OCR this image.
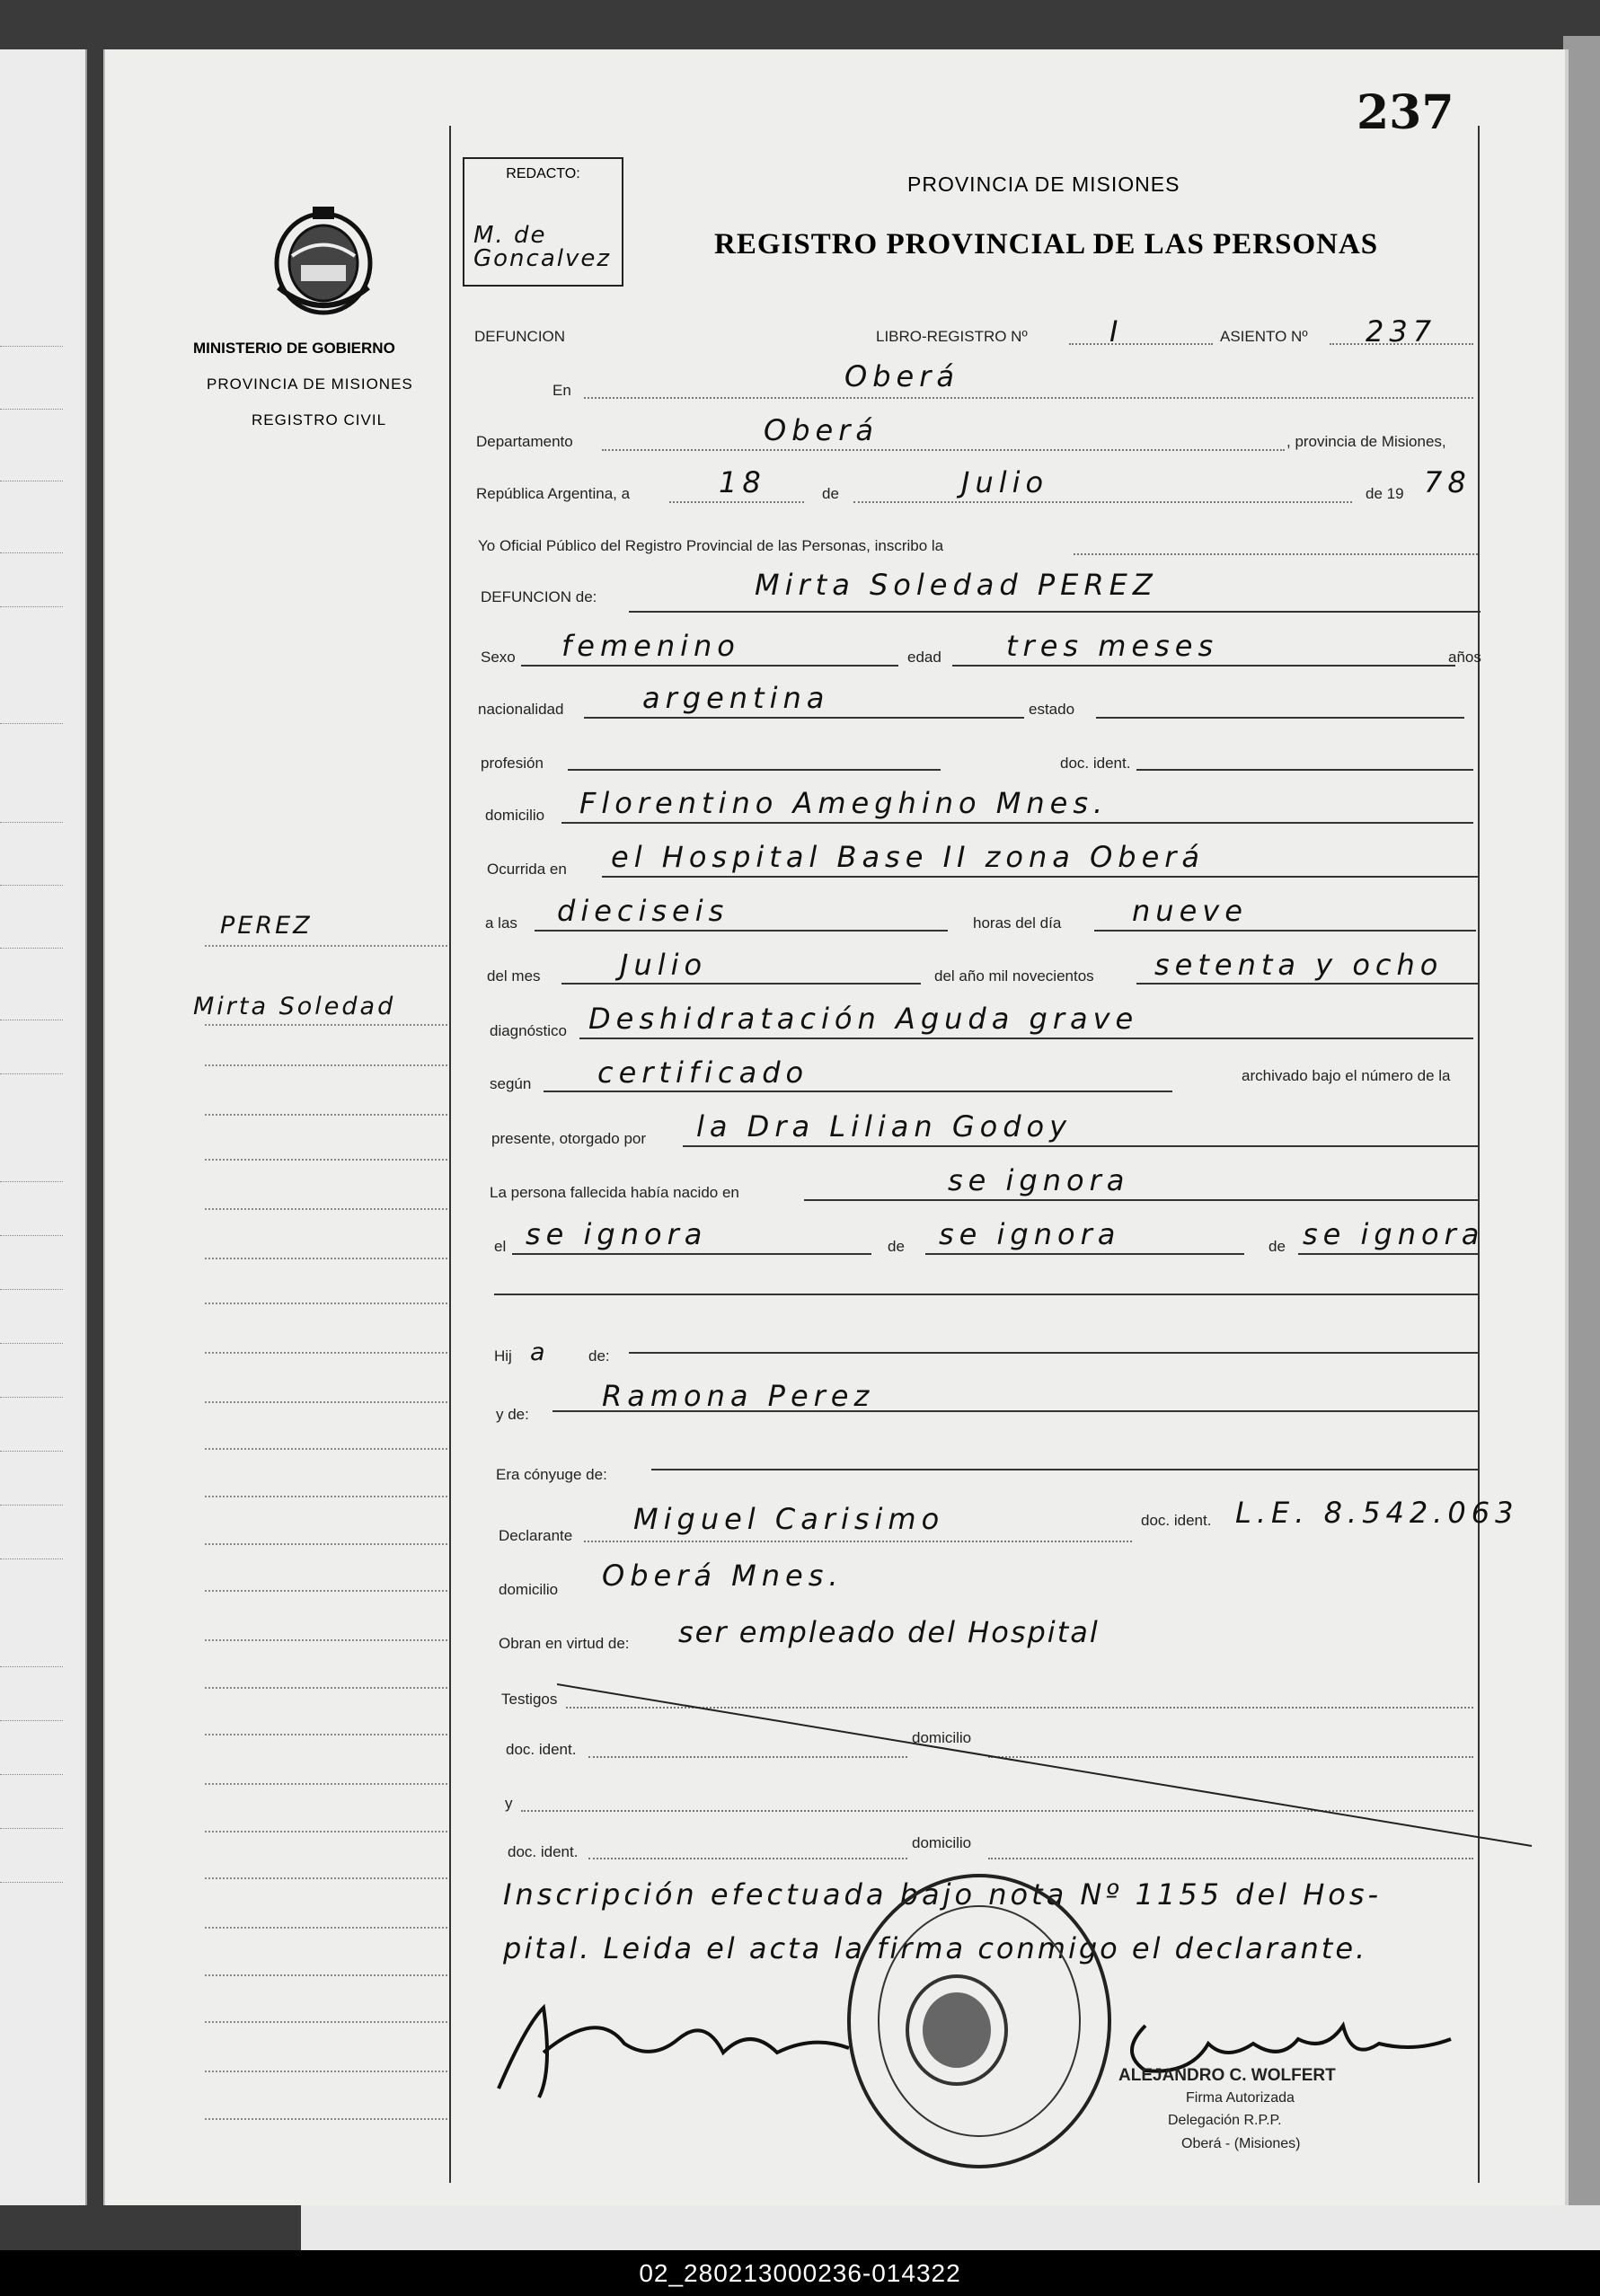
237
REDACTO:
M. de
Goncalvez
PROVINCIA DE MISIONES
REGISTRO PROVINCIAL DE LAS PERSONAS
MINISTERIO DE GOBIERNO
PROVINCIA DE MISIONES
REGISTRO CIVIL
PEREZ
Mirta Soledad
DEFUNCION	LIBRO-REGISTRO Nº	I	ASIENTO Nº 237
En	Oberá
Departamento	Oberá	, provincia de Misiones,
República Argentina, a	18	de	Julio	de 19 78
Yo Oficial Público del Registro Provincial de las Personas, inscribo la
DEFUNCION de:	Mirta Soledad PEREZ
Sexo femenino	edad tres meses	años
nacionalidad	argentina	estado
profesión	doc. ident.
domicilio Florentino Ameghino Mnes.
Ocurrida en el Hospital Base II zona Oberá
a las dieciseis	horas del día nueve
del mes	Julio	del año mil novecientos setenta y ocho
diagnóstico Deshidratación Aguda grave
según certificado	archivado bajo el número de la
presente, otorgado por la Dra Lilian Godoy
La persona fallecida había nacido en	se ignora
el se ignora	de se ignora	de se ignora
Hij a	de:
y de:
Ramona Perez
Era cónyuge de:
Declarante Miguel Carisimo	doc. ident. L.E. 8.542.063
domicilio Oberá Mnes.
Obran en virtud de: ser empleado del Hospital
Testigos
doc. ident.
domicilio
y
doc. ident.
domicilio
Inscripción efectuada bajo nota Nº 1155 del Hos-
pital. Leida el acta la firma conmigo el declarante.
ALEJANDRO C. WOLFERT
Firma Autorizada
Delegación R.P.P.
Oberá - (Misiones)
02_280213000236-014322
